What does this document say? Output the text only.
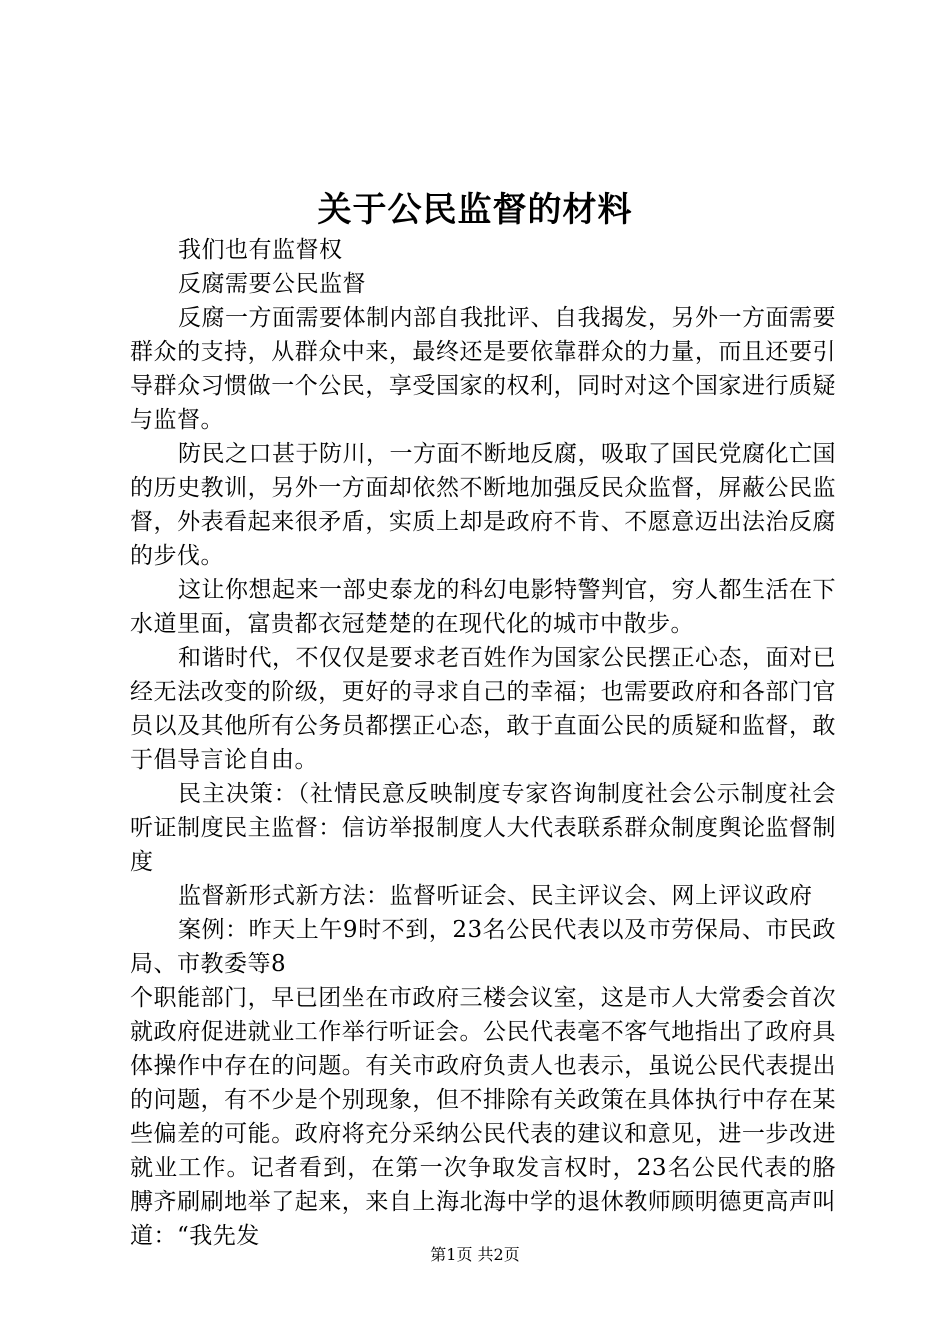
关于公民监督的材料

我们也有监督权

反腐需要公民监督

反腐一方面需要体制内部自我批评、自我揭发，另外一方面需要群众的支持，从群众中来，最终还是要依靠群众的力量，而且还要引导群众习惯做一个公民，享受国家的权利，同时对这个国家进行质疑与监督。

防民之口甚于防川，一方面不断地反腐，吸取了国民党腐化亡国的历史教训，另外一方面却依然不断地加强反民众监督，屏蔽公民监督，外表看起来很矛盾，实质上却是政府不肯、不愿意迈出法治反腐的步伐。

这让你想起来一部史泰龙的科幻电影特警判官，穷人都生活在下水道里面，富贵都衣冠楚楚的在现代化的城市中散步。

和谐时代，不仅仅是要求老百姓作为国家公民摆正心态，面对已经无法改变的阶级，更好的寻求自己的幸福；也需要政府和各部门官员以及其他所有公务员都摆正心态，敢于直面公民的质疑和监督，敢于倡导言论自由。

民主决策：（社情民意反映制度专家咨询制度社会公示制度社会听证制度民主监督：信访举报制度人大代表联系群众制度舆论监督制度

监督新形式新方法：监督听证会、民主评议会、网上评议政府

案例：昨天上午9时不到，23名公民代表以及市劳保局、市民政局、市教委等8

个职能部门，早已团坐在市政府三楼会议室，这是市人大常委会首次就政府促进就业工作举行听证会。公民代表毫不客气地指出了政府具体操作中存在的问题。有关市政府负责人也表示，虽说公民代表提出的问题，有不少是个别现象，但不排除有关政策在具体执行中存在某些偏差的可能。政府将充分采纳公民代表的建议和意见，进一步改进就业工作。记者看到，在第一次争取发言权时，23名公民代表的胳膊齐刷刷地举了起来，来自上海北海中学的退休教师顾明德更高声叫道：“我先发

第1页 共2页
